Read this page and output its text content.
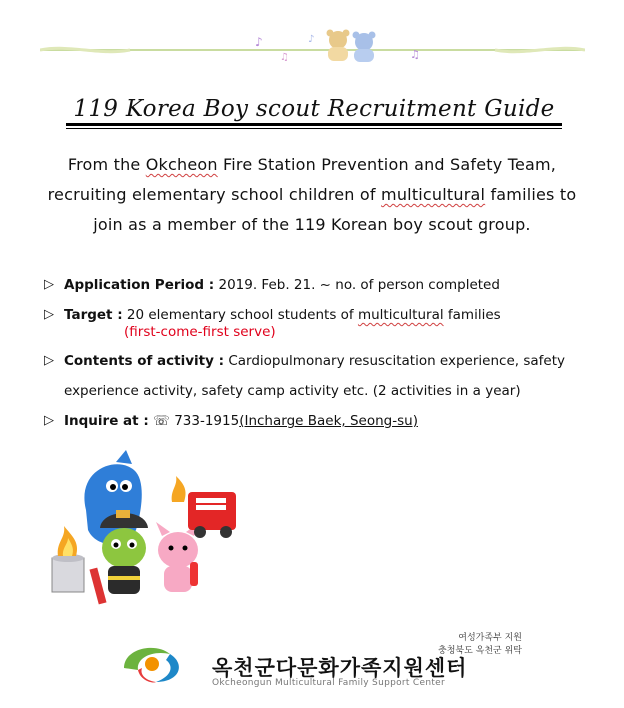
♪
♫
♪
♫
119 Korea Boy scout Recruitment Guide
From the Okcheon Fire Station Prevention and Safety Team,
recruiting elementary school children of multicultural families to
join as a member of the 119 Korean boy scout group.
▷ Application Period : 2019. Feb. 21. ~ no. of person completed
▷ Target : 20 elementary school students of multicultural families
(first-come-first serve)
▷ Contents of activity : Cardiopulmonary resuscitation experience, safety
experience activity, safety camp activity etc. (2 activities in a year)
▷ Inquire at : ☏ 733-1915(Incharge Baek, Seong-su)
여성가족부 지원
충청북도 옥천군 위탁
옥천군다문화가족지원센터
Okcheongun Multicultural Family Support Center
